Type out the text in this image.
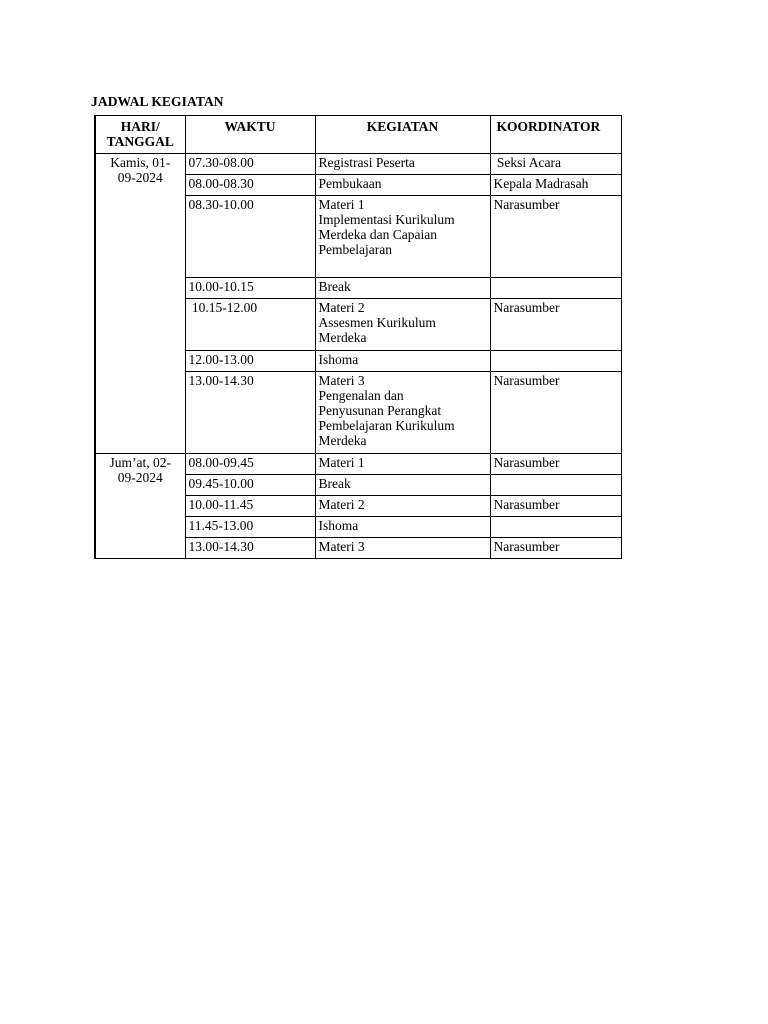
JADWAL KEGIATAN
HARI/
TANGGAL	WAKTU	KEGIATAN	KOORDINATOR
Kamis, 01-
09-2024	07.30-08.00	Registrasi Peserta	Seksi Acara
	08.00-08.30	Pembukaan	Kepala Madrasah
	08.30-10.00	Materi 1
Implementasi Kurikulum
Merdeka dan Capaian
Pembelajaran	Narasumber
	10.00-10.15	Break	
	10.15-12.00	Materi 2
Assesmen Kurikulum
Merdeka	Narasumber
	12.00-13.00	Ishoma	
	13.00-14.30	Materi 3
Pengenalan dan
Penyusunan Perangkat
Pembelajaran Kurikulum
Merdeka	Narasumber
Jum’at, 02-
09-2024	08.00-09.45	Materi 1	Narasumber
	09.45-10.00	Break	
	10.00-11.45	Materi 2	Narasumber
	11.45-13.00	Ishoma	
	13.00-14.30	Materi 3	Narasumber
